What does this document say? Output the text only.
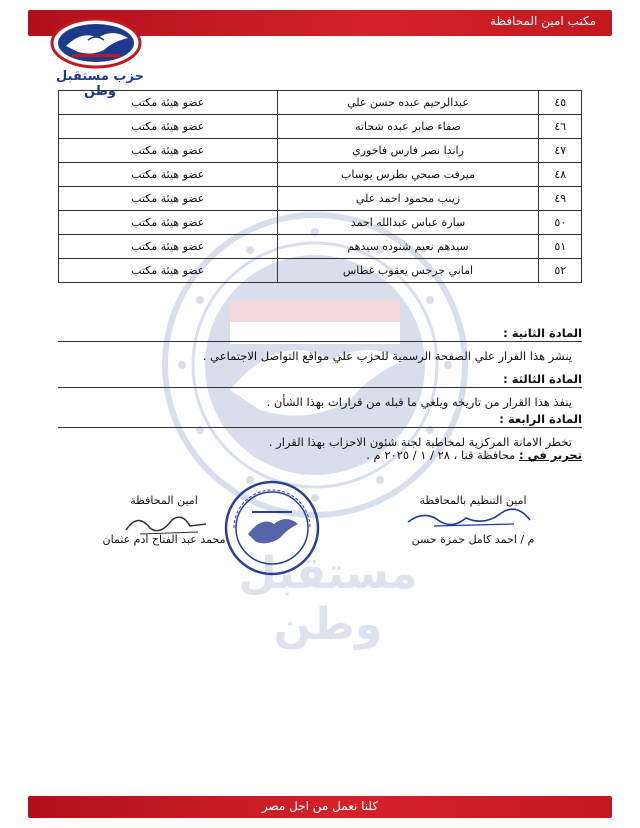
مكتب امين المحافظة
حزب مستقبل وطن
مستقبل وطن
٤٥	عبدالرحيم عبده حسن علي	عضو هيئة مكتب
٤٦	صفاء صابر عبده شحاته	عضو هيئة مكتب
٤٧	راندا نصر فارس فاخوري	عضو هيئة مكتب
٤٨	ميرفت صبحي بطرس يوساب	عضو هيئة مكتب
٤٩	زينب محمود احمد علي	عضو هيئة مكتب
٥٠	سارة عباس عبدالله احمد	عضو هيئة مكتب
٥١	سيدهم نعيم شنوده سيدهم	عضو هيئة مكتب
٥٢	اماني جرجس يعقوب غطاس	عضو هيئة مكتب
المادة الثانية :
ينشر هذا القرار علي الصفحة الرسمية للحزب علي مواقع التواصل الاجتماعي .
المادة الثالثة :
ينفذ هذا القرار من تاريخه ويلغي ما قبله من قرارات بهذا الشأن .
المادة الرابعة :
تخطر الامانة المركزية لمخاطبة لجنة شئون الاحزاب بهذا القرار .
تحرير في : محافظة قنا ، ٢٨ / ١ / ٢٠٢٥ م .
امين التنظيم بالمحافظة
م / احمد كامل حمزة حسن
امين المحافظة
محمد عبد الفتاح ادم عثمان
كلنا نعمل من اجل مصر
